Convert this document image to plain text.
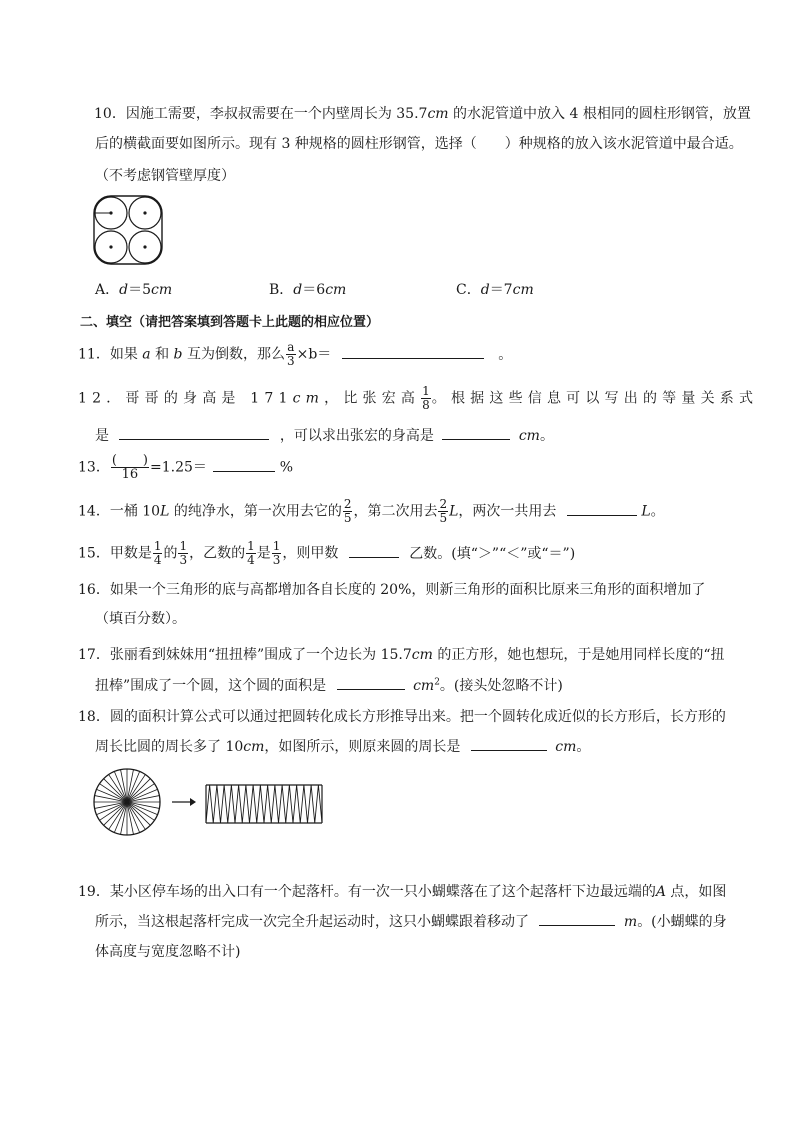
10．因施工需要，李叔叔需要在一个内壁周长为 35.7cm 的水泥管道中放入 4 根相同的圆柱形钢管，放置
后的横截面要如图所示。现有 3 种规格的圆柱形钢管，选择（　　）种规格的放入该水泥管道中最合适。
（不考虑钢管壁厚度）
A．d＝5cm	B．d＝6cm	C．d＝7cm
二、填空（请把答案填到答题卡上此题的相应位置）
11．如果 a 和 b 互为倒数，那么 $\frac{a}{3} \times b=$	。
12．哥哥的身高是 171cm，比张宏高 $\frac{1}{8}$ 。根据这些信息可以写出的等量关系式
是	，可以求出张宏的身高是	cm。
13． $\frac{( )}{16} =1.25=$	%
14．一桶 10L 的纯净水，第一次用去它的 $\frac{2}{5}$ ，第二次用去 $\frac{2}{5}$ L，两次一共用去	L。
15．甲数是 $\frac{1}{4}$ 的 $\frac{1}{3}$ ，乙数的 $\frac{1}{4}$ 是 $\frac{1}{3}$ ，则甲数	乙数。(填“＞”“＜”或“＝”)
16．如果一个三角形的底与高都增加各自长度的 20%，则新三角形的面积比原来三角形的面积增加了
（填百分数）。
17．张丽看到妹妹用“扭扭棒”围成了一个边长为 15.7cm 的正方形，她也想玩，于是她用同样长度的“扭
扭棒”围成了一个圆，这个圆的面积是	$cm^2$。(接头处忽略不计)
18．圆的面积计算公式可以通过把圆转化成长方形推导出来。把一个圆转化成近似的长方形后，长方形的
周长比圆的周长多了 10cm，如图所示，则原来圆的周长是	cm。
19．某小区停车场的出入口有一个起落杆。有一次一只小蝴蝶落在了这个起落杆下边最远端的A 点，如图
所示，当这根起落杆完成一次完全升起运动时，这只小蝴蝶跟着移动了	m。(小蝴蝶的身
体高度与宽度忽略不计)
